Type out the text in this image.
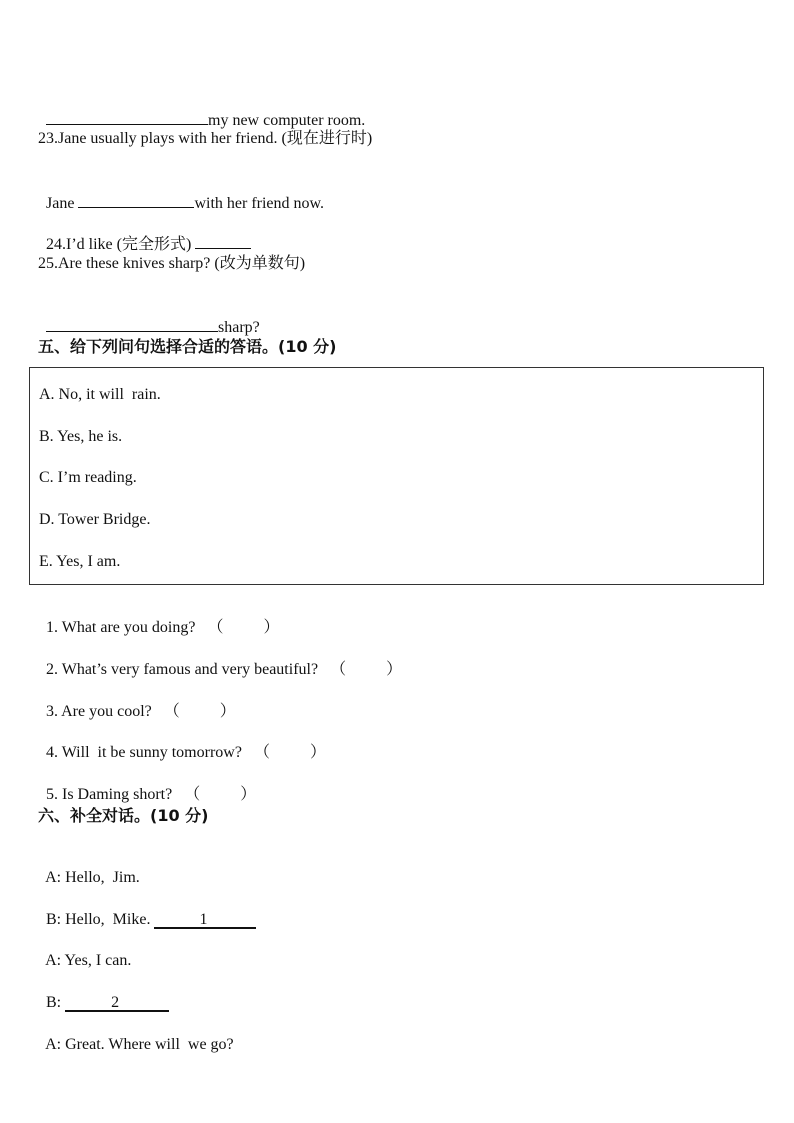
my new computer room.

23.Jane usually plays with her friend. (现在进行时)

Jane	with her friend now.

24.I’d like (完全形式)

25.Are these knives sharp? (改为单数句)

sharp?

五、给下列问句选择合适的答语。(10 分)
A. No, it will  rain.
B. Yes, he is.
C. I’m reading.
D. Tower Bridge.
E. Yes, I am.

1. What are you doing? （          ）

2. What’s very famous and very beautiful? （          ）

3. Are you cool? （          ）

4. Will  it be sunny tomorrow? （          ）

5. Is Daming short? （          ）

六、补全对话。(10 分)

A: Hello,  Jim.

B: Hello,  Mike.	1

A: Yes, I can.

B:	2

A: Great. Where will  we go?
